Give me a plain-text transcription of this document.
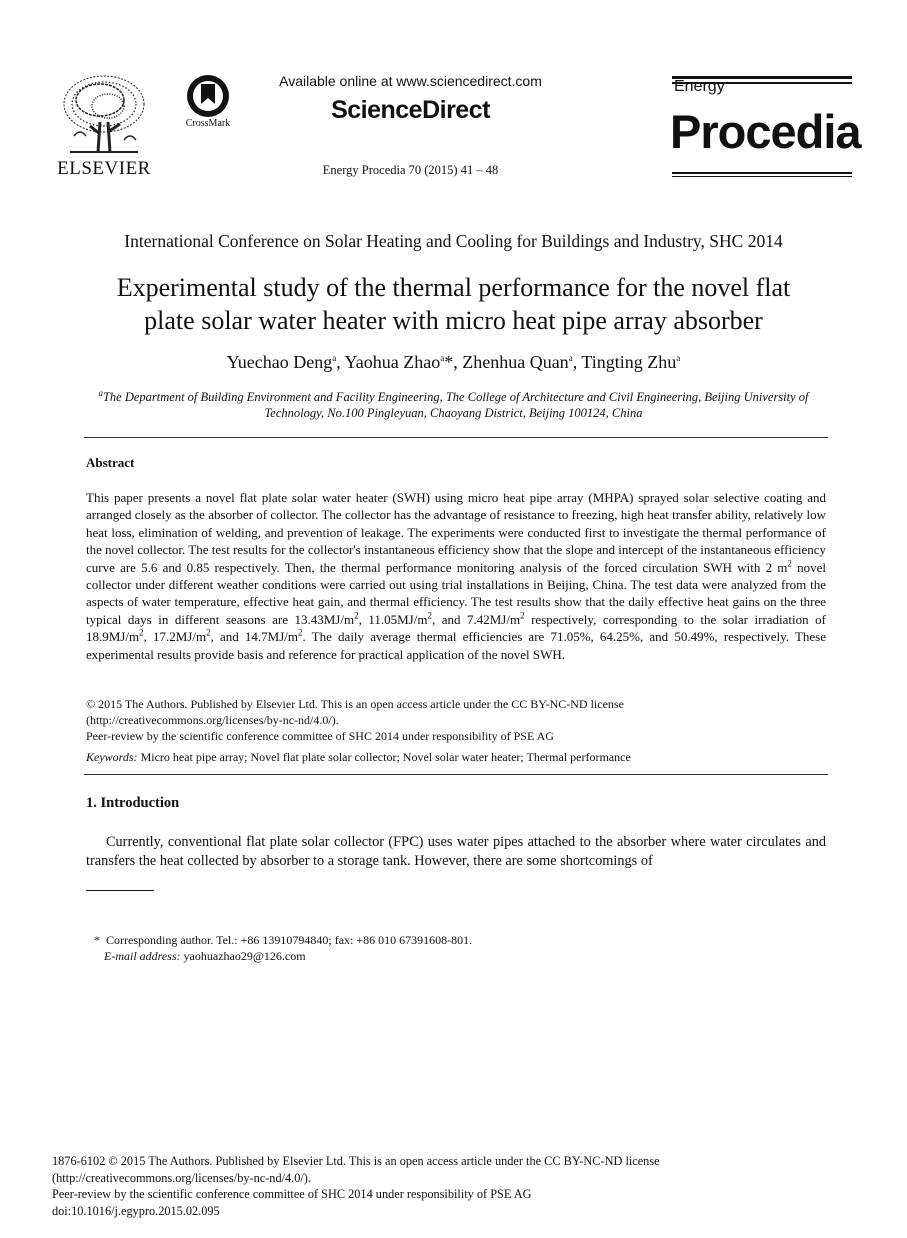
ELSEVIER
CrossMark
Available online at www.sciencedirect.com
ScienceDirect
Energy Procedia 70 (2015) 41 – 48
Energy
Procedia
International Conference on Solar Heating and Cooling for Buildings and Industry, SHC 2014
Experimental study of the thermal performance for the novel flat
plate solar water heater with micro heat pipe array absorber
Yuechao Deng$^a$, Yaohua Zhao$^a$*, Zhenhua Quan$^a$, Tingting Zhu$^a$
$^a$The Department of Building Environment and Facility Engineering, The College of Architecture and Civil Engineering, Beijing University of
Technology, No.100 Pingleyuan, Chaoyang District, Beijing 100124, China
Abstract
This paper presents a novel flat plate solar water heater (SWH) using micro heat pipe array (MHPA) sprayed solar selective coating and arranged closely as the absorber of collector. The collector has the advantage of resistance to freezing, high heat transfer ability, relatively low heat loss, elimination of welding, and prevention of leakage. The experiments were conducted first to investigate the thermal performance of the novel collector. The test results for the collector's instantaneous efficiency show that the slope and intercept of the instantaneous efficiency curve are 5.6 and 0.85 respectively. Then, the thermal performance monitoring analysis of the forced circulation SWH with 2 $m^2$ novel collector under different weather conditions were carried out using trial installations in Beijing, China. The test data were analyzed from the aspects of water temperature, effective heat gain, and thermal efficiency. The test results show that the daily effective heat gains on the three typical days in different seasons are $13.43MJ/m^2$, $11.05MJ/m^2$, and $7.42MJ/m^2$ respectively, corresponding to the solar irradiation of $18.9MJ/m^2$, $17.2MJ/m^2$, and $14.7MJ/m^2$. The daily average thermal efficiencies are 71.05%, 64.25%, and 50.49%, respectively. These experimental results provide basis and reference for practical application of the novel SWH.
© 2015 The Authors. Published by Elsevier Ltd. This is an open access article under the CC BY-NC-ND license
(http://creativecommons.org/licenses/by-nc-nd/4.0/).
Peer-review by the scientific conference committee of SHC 2014 under responsibility of PSE AG
Keywords: Micro heat pipe array; Novel flat plate solar collector; Novel solar water heater; Thermal performance
1. Introduction
Currently, conventional flat plate solar collector (FPC) uses water pipes attached to the absorber where water circulates and transfers the heat collected by absorber to a storage tank. However, there are some shortcomings of
* Corresponding author. Tel.: +86 13910794840; fax: +86 010 67391608-801.
E-mail address: yaohuazhao29@126.com
1876-6102 © 2015 The Authors. Published by Elsevier Ltd. This is an open access article under the CC BY-NC-ND license
(http://creativecommons.org/licenses/by-nc-nd/4.0/).
Peer-review by the scientific conference committee of SHC 2014 under responsibility of PSE AG
doi:10.1016/j.egypro.2015.02.095
